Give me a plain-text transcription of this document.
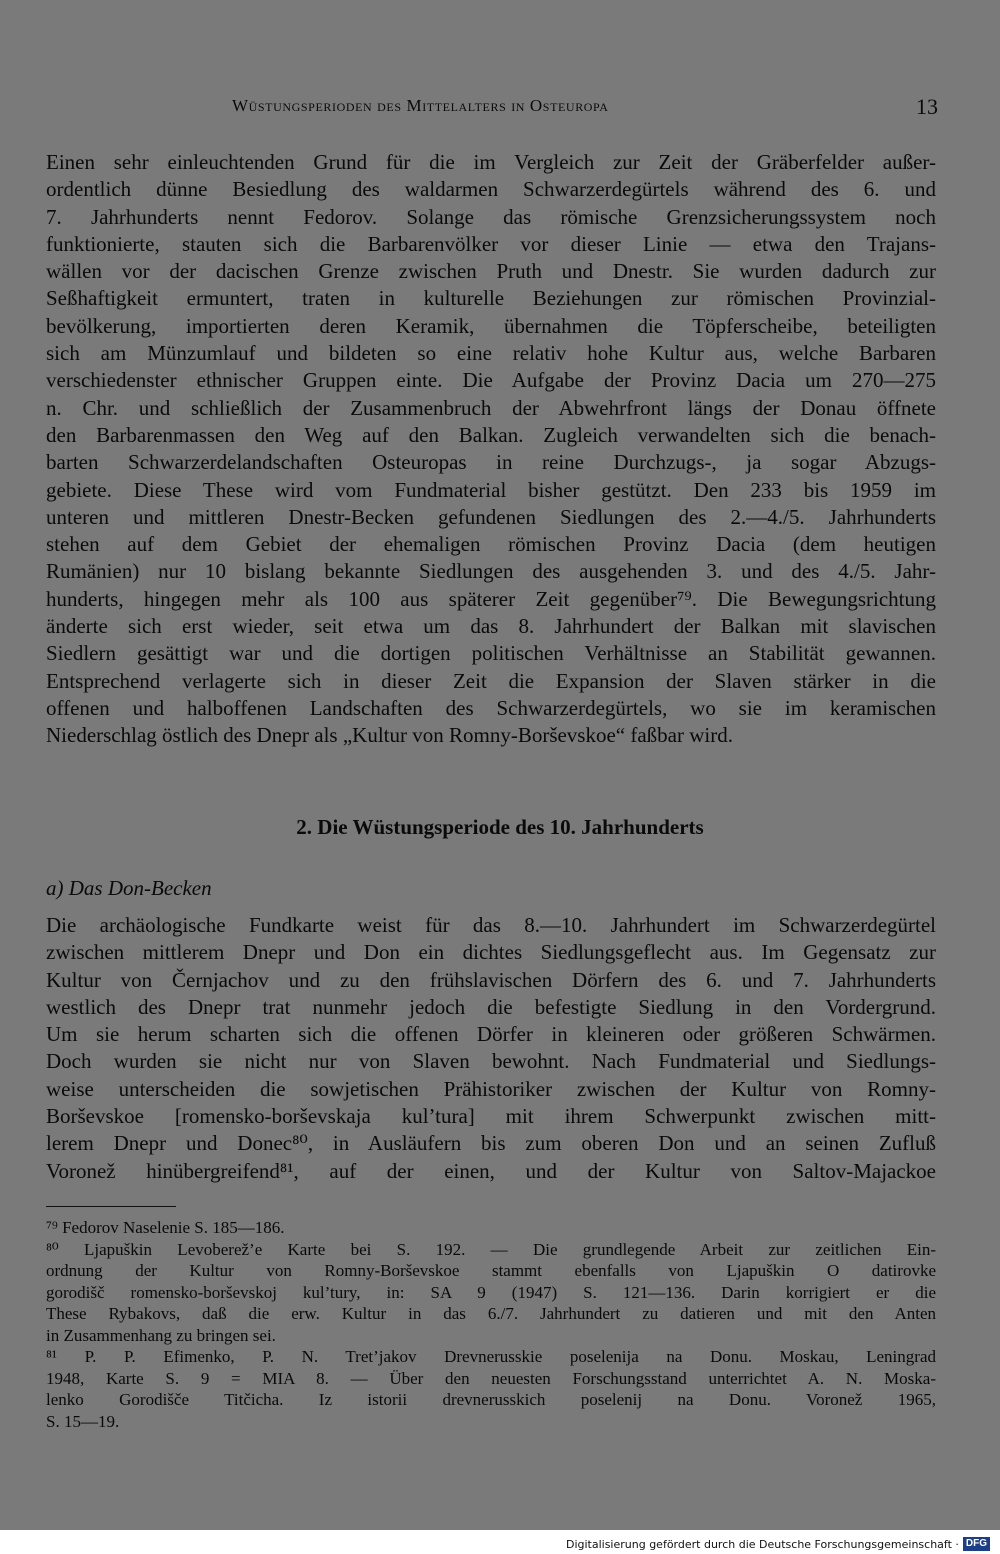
Wüstungsperioden des Mittelalters in Osteuropa	13
Einen sehr einleuchtenden Grund für die im Vergleich zur Zeit der Gräberfelder außer-
ordentlich dünne Besiedlung des waldarmen Schwarzerdegürtels während des 6. und
7. Jahrhunderts nennt Fedorov. Solange das römische Grenzsicherungssystem noch
funktionierte, stauten sich die Barbarenvölker vor dieser Linie — etwa den Trajans-
wällen vor der dacischen Grenze zwischen Pruth und Dnestr. Sie wurden dadurch zur
Seßhaftigkeit ermuntert, traten in kulturelle Beziehungen zur römischen Provinzial-
bevölkerung, importierten deren Keramik, übernahmen die Töpferscheibe, beteiligten
sich am Münzumlauf und bildeten so eine relativ hohe Kultur aus, welche Barbaren
verschiedenster ethnischer Gruppen einte. Die Aufgabe der Provinz Dacia um 270—275
n. Chr. und schließlich der Zusammenbruch der Abwehrfront längs der Donau öffnete
den Barbarenmassen den Weg auf den Balkan. Zugleich verwandelten sich die benach-
barten Schwarzerdelandschaften Osteuropas in reine Durchzugs-, ja sogar Abzugs-
gebiete. Diese These wird vom Fundmaterial bisher gestützt. Den 233 bis 1959 im
unteren und mittleren Dnestr-Becken gefundenen Siedlungen des 2.—4./5. Jahrhunderts
stehen auf dem Gebiet der ehemaligen römischen Provinz Dacia (dem heutigen
Rumänien) nur 10 bislang bekannte Siedlungen des ausgehenden 3. und des 4./5. Jahr-
hunderts, hingegen mehr als 100 aus späterer Zeit gegenüber⁷⁹. Die Bewegungsrichtung
änderte sich erst wieder, seit etwa um das 8. Jahrhundert der Balkan mit slavischen
Siedlern gesättigt war und die dortigen politischen Verhältnisse an Stabilität gewannen.
Entsprechend verlagerte sich in dieser Zeit die Expansion der Slaven stärker in die
offenen und halboffenen Landschaften des Schwarzerdegürtels, wo sie im keramischen
Niederschlag östlich des Dnepr als „Kultur von Romny-Borševskoe“ faßbar wird.
2. Die Wüstungsperiode des 10. Jahrhunderts
a) Das Don-Becken
Die archäologische Fundkarte weist für das 8.—10. Jahrhundert im Schwarzerdegürtel
zwischen mittlerem Dnepr und Don ein dichtes Siedlungsgeflecht aus. Im Gegensatz zur
Kultur von Černjachov und zu den frühslavischen Dörfern des 6. und 7. Jahrhunderts
westlich des Dnepr trat nunmehr jedoch die befestigte Siedlung in den Vordergrund.
Um sie herum scharten sich die offenen Dörfer in kleineren oder größeren Schwärmen.
Doch wurden sie nicht nur von Slaven bewohnt. Nach Fundmaterial und Siedlungs-
weise unterscheiden die sowjetischen Prähistoriker zwischen der Kultur von Romny-
Borševskoe [romensko-borševskaja kul’tura] mit ihrem Schwerpunkt zwischen mitt-
lerem Dnepr und Donec⁸⁰, in Ausläufern bis zum oberen Don und an seinen Zufluß
Voronež hinübergreifend⁸¹, auf der einen, und der Kultur von Saltov-Majackoe
⁷⁹ Fedorov Naselenie S. 185—186.
⁸⁰ Ljapuškin Levoberež’e Karte bei S. 192. — Die grundlegende Arbeit zur zeitlichen Ein-
ordnung der Kultur von Romny-Borševskoe stammt ebenfalls von Ljapuškin O datirovke
gorodišč romensko-borševskoj kul’tury, in: SA 9 (1947) S. 121—136. Darin korrigiert er die
These Rybakovs, daß die erw. Kultur in das 6./7. Jahrhundert zu datieren und mit den Anten
in Zusammenhang zu bringen sei.
⁸¹ P. P. Efimenko, P. N. Tret’jakov Drevnerusskie poselenija na Donu. Moskau, Leningrad
1948, Karte S. 9 = MIA 8. — Über den neuesten Forschungsstand unterrichtet A. N. Moska-
lenko Gorodišče Titčicha. Iz istorii drevnerusskich poselenij na Donu. Voronež 1965,
S. 15—19.
Digitalisierung gefördert durch die Deutsche Forschungsgemeinschaft · DFG
